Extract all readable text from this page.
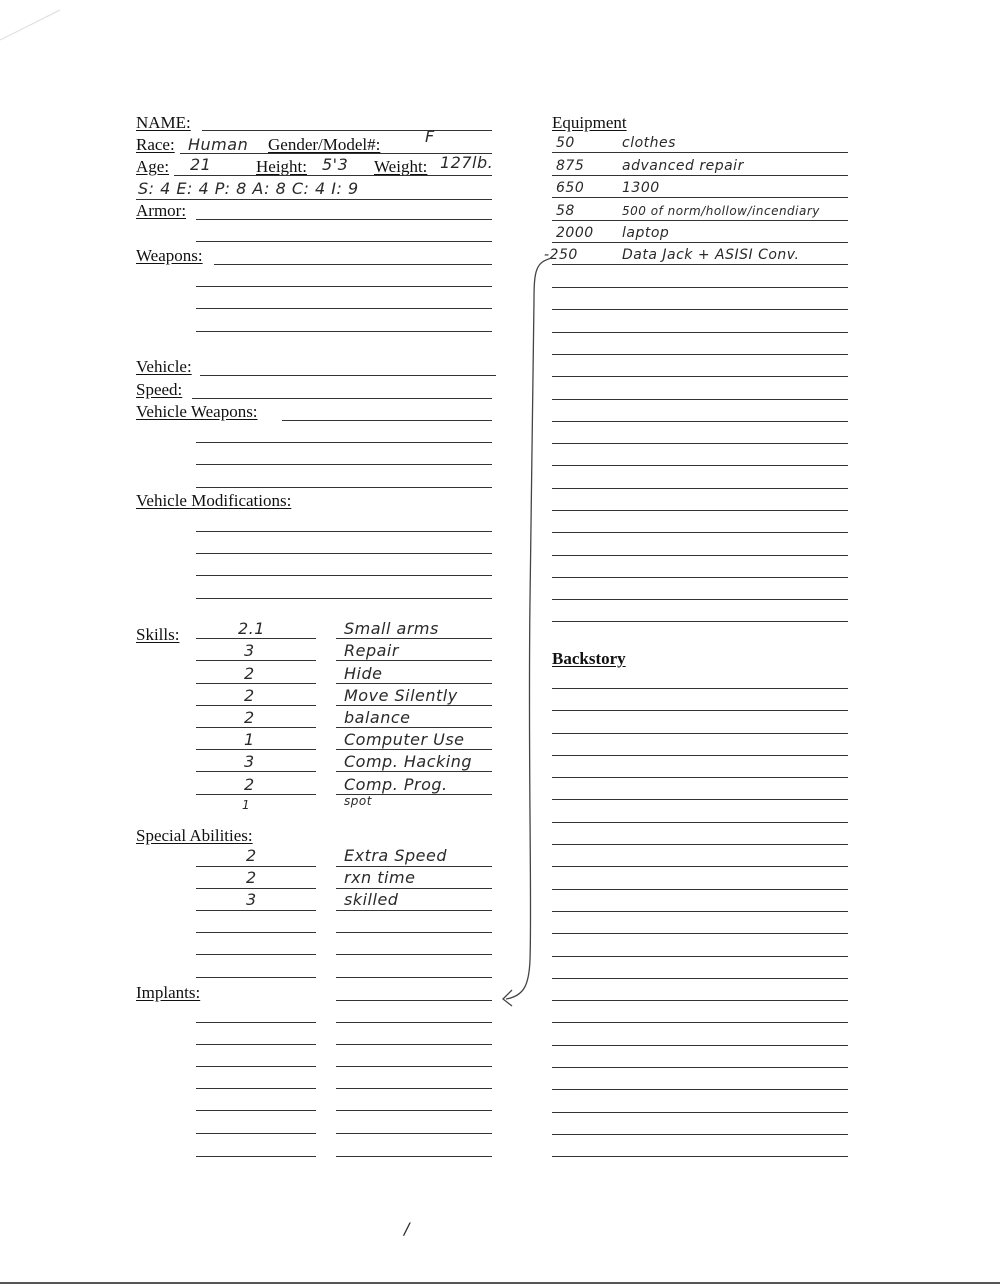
NAME:
Race: Human Gender/Model#:	F
Age: 21	Height: 5'3 Weight: 127lb.
S: 4 E: 4 P: 8 A: 8 C: 4 I: 9
Armor:
Weapons:
Vehicle:
Speed:
Vehicle Weapons:
Vehicle Modifications:
Skills:	2.1	Small arms
3	Repair
2	Hide
2	Move Silently
2	balance
1	Computer Use
3	Comp. Hacking
2	Comp. Prog.
1	spot
Special Abilities:
2	Extra Speed
2	rxn time
3	skilled
Implants:
Equipment
50	clothes
875	advanced repair
650	1300
58	500 of norm/hollow/incendiary
2000 laptop
-250	Data Jack + ASISI Conv.
Backstory
/
